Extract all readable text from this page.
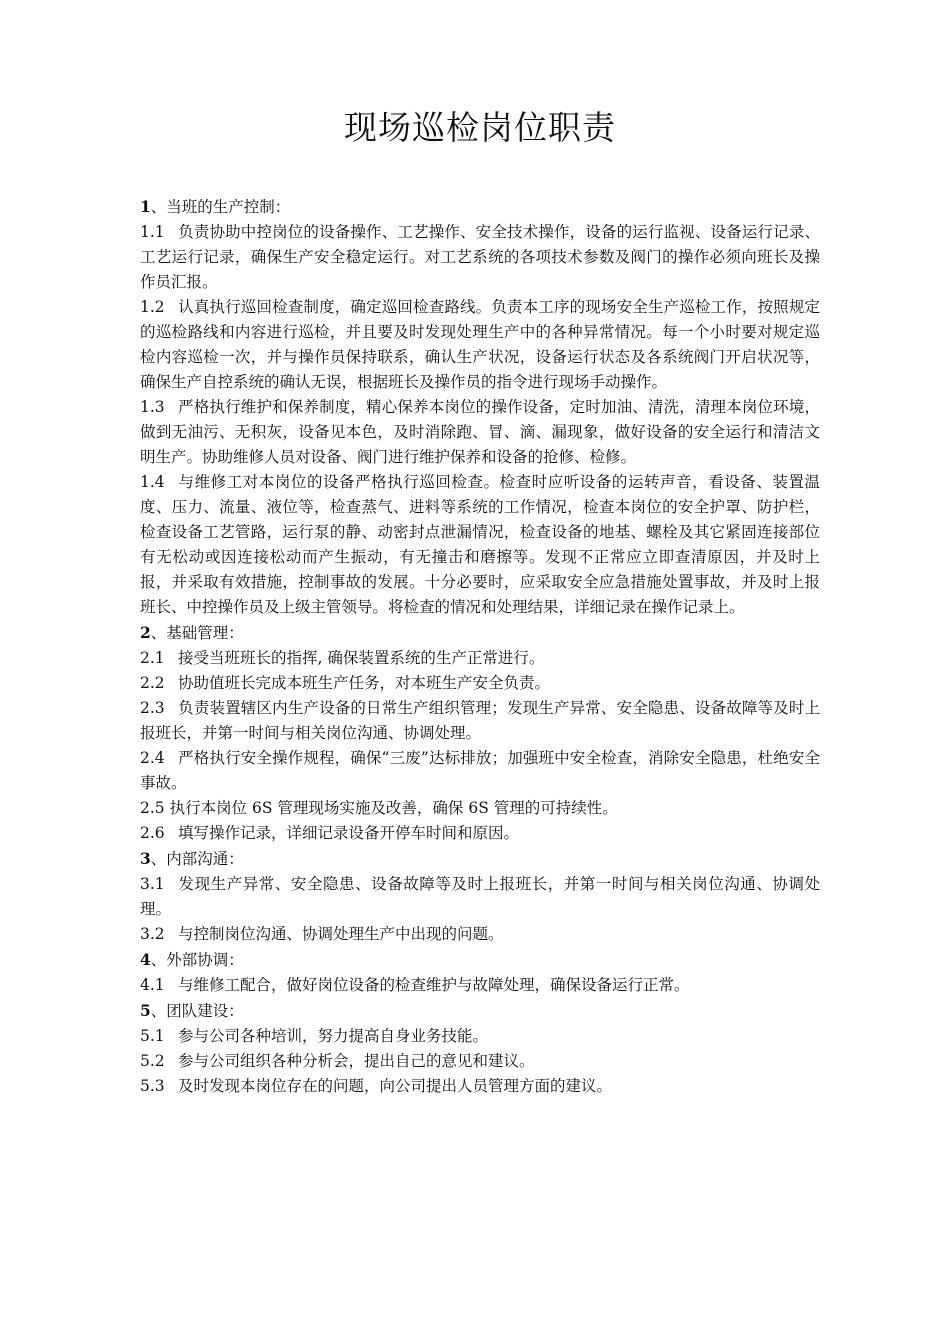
现场巡检岗位职责

1、当班的生产控制：

1.1 负责协助中控岗位的设备操作、工艺操作、安全技术操作，设备的运行监视、设备运行记录、工艺运行记录，确保生产安全稳定运行。对工艺系统的各项技术参数及阀门的操作必须向班长及操作员汇报。

1.2 认真执行巡回检查制度，确定巡回检查路线。负责本工序的现场安全生产巡检工作，按照规定的巡检路线和内容进行巡检，并且要及时发现处理生产中的各种异常情况。每一个小时要对规定巡检内容巡检一次，并与操作员保持联系，确认生产状况，设备运行状态及各系统阀门开启状况等，确保生产自控系统的确认无误，根据班长及操作员的指令进行现场手动操作。

1.3 严格执行维护和保养制度，精心保养本岗位的操作设备，定时加油、清洗，清理本岗位环境，做到无油污、无积灰，设备见本色，及时消除跑、冒、滴、漏现象，做好设备的安全运行和清洁文明生产。协助维修人员对设备、阀门进行维护保养和设备的抢修、检修。

1.4 与维修工对本岗位的设备严格执行巡回检查。检查时应听设备的运转声音，看设备、装置温度、压力、流量、液位等，检查蒸气、进料等系统的工作情况，检查本岗位的安全护罩、防护栏，检查设备工艺管路，运行泵的静、动密封点泄漏情况，检查设备的地基、螺栓及其它紧固连接部位有无松动或因连接松动而产生振动，有无撞击和磨擦等。发现不正常应立即查清原因，并及时上报，并采取有效措施，控制事故的发展。十分必要时，应采取安全应急措施处置事故，并及时上报班长、中控操作员及上级主管领导。将检查的情况和处理结果，详细记录在操作记录上。

2、基础管理：

2.1 接受当班班长的指挥, 确保装置系统的生产正常进行。

2.2 协助值班长完成本班生产任务，对本班生产安全负责。

2.3 负责装置辖区内生产设备的日常生产组织管理；发现生产异常、安全隐患、设备故障等及时上报班长，并第一时间与相关岗位沟通、协调处理。

2.4 严格执行安全操作规程，确保“三废”达标排放；加强班中安全检查，消除安全隐患，杜绝安全事故。

2.5 执行本岗位 6S 管理现场实施及改善，确保 6S 管理的可持续性。

2.6 填写操作记录，详细记录设备开停车时间和原因。

3、内部沟通：

3.1 发现生产异常、安全隐患、设备故障等及时上报班长，并第一时间与相关岗位沟通、协调处理。

3.2 与控制岗位沟通、协调处理生产中出现的问题。

4、外部协调：

4.1 与维修工配合，做好岗位设备的检查维护与故障处理，确保设备运行正常。

5、团队建设：

5.1 参与公司各种培训，努力提高自身业务技能。

5.2 参与公司组织各种分析会，提出自己的意见和建议。

5.3 及时发现本岗位存在的问题，向公司提出人员管理方面的建议。
